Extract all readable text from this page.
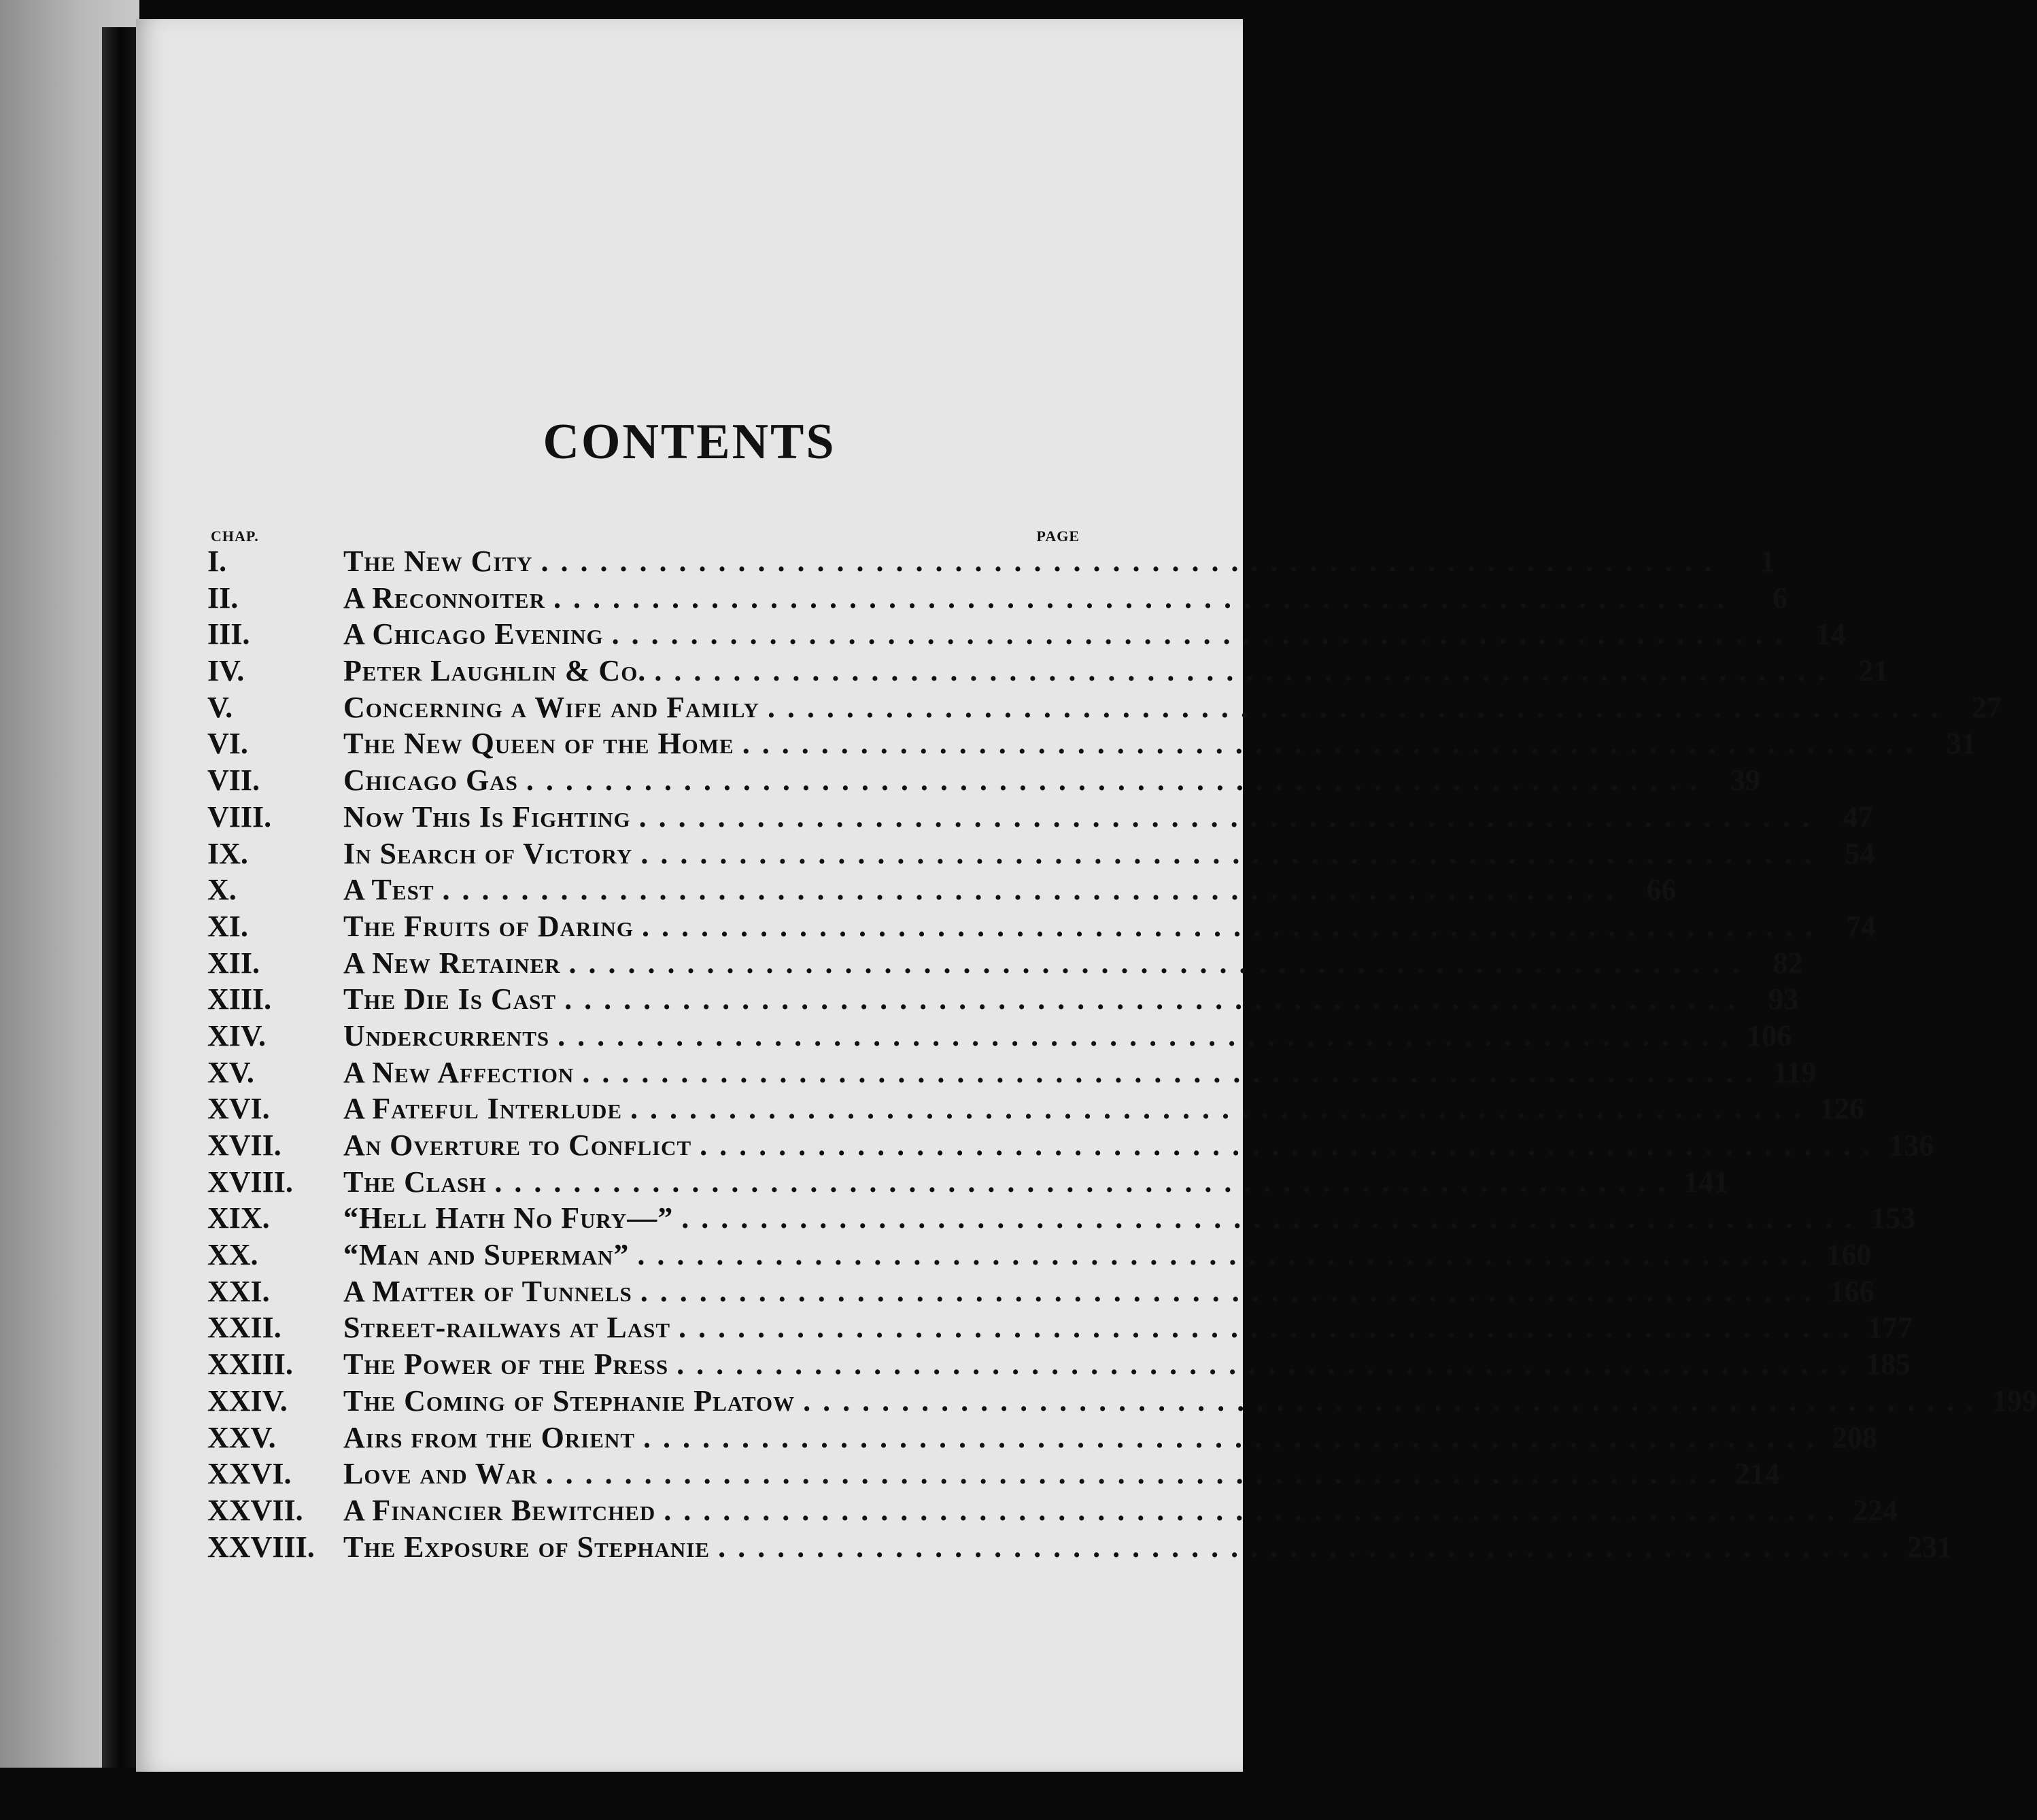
CONTENTS
CHAP.	PAGE
I.	The New City ............................................................	1
II.	A Reconnoiter ............................................................	6
III.	A Chicago Evening ............................................................ 14
IV.	Peter Laughlin & Co. ............................................................ 21
V.	Concerning a Wife and Family ............................................................ 27
VI.	The New Queen of the Home ............................................................ 31
VII.	Chicago Gas ............................................................ 39
VIII.	Now This Is Fighting ............................................................ 47
IX.	In Search of Victory ............................................................ 54
X.	A Test ............................................................ 66
XI.	The Fruits of Daring ............................................................ 74
XII.	A New Retainer ............................................................ 82
XIII.	The Die Is Cast ............................................................ 93
XIV.	Undercurrents ............................................................ 106
XV.	A New Affection ............................................................ 119
XVI.	A Fateful Interlude ............................................................ 126
XVII.	An Overture to Conflict ............................................................ 136
XVIII.	The Clash ............................................................ 141
XIX.	“Hell Hath No Fury—” ............................................................ 153
XX.	“Man and Superman” ............................................................ 160
XXI.	A Matter of Tunnels ............................................................ 166
XXII.	Street-railways at Last ............................................................ 177
XXIII.	The Power of the Press ............................................................ 185
XXIV.	The Coming of Stephanie Platow ............................................................ 199
XXV.	Airs from the Orient ............................................................ 208
XXVI.	Love and War ............................................................ 214
XXVII.	A Financier Bewitched ............................................................ 224
XXVIII. The Exposure of Stephanie ............................................................ 231
